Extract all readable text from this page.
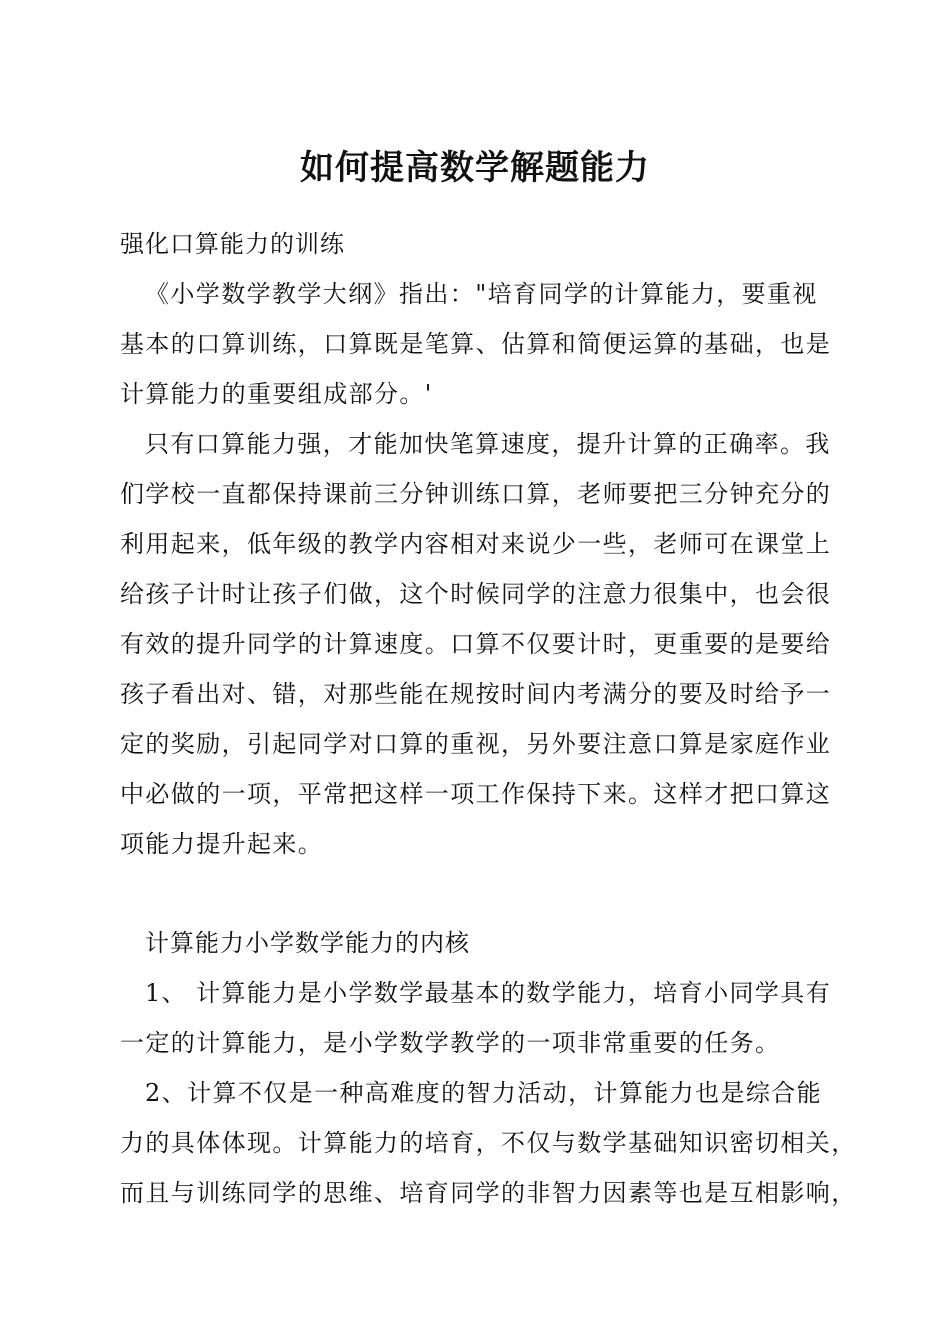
如何提高数学解题能力
强化口算能力的训练
《小学数学教学大纲》指出："培育同学的计算能力，要重视
基本的口算训练，口算既是笔算、估算和简便运算的基础，也是
计算能力的重要组成部分。'
只有口算能力强，才能加快笔算速度，提升计算的正确率。我
们学校一直都保持课前三分钟训练口算，老师要把三分钟充分的
利用起来，低年级的教学内容相对来说少一些，老师可在课堂上
给孩子计时让孩子们做，这个时候同学的注意力很集中，也会很
有效的提升同学的计算速度。口算不仅要计时，更重要的是要给
孩子看出对、错，对那些能在规按时间内考满分的要及时给予一
定的奖励，引起同学对口算的重视，另外要注意口算是家庭作业
中必做的一项，平常把这样一项工作保持下来。这样才把口算这
项能力提升起来。
计算能力小学数学能力的内核
1、 计算能力是小学数学最基本的数学能力，培育小同学具有
一定的计算能力，是小学数学教学的一项非常重要的任务。
2、计算不仅是一种高难度的智力活动，计算能力也是综合能
力的具体体现。计算能力的培育，不仅与数学基础知识密切相关，
而且与训练同学的思维、培育同学的非智力因素等也是互相影响，
